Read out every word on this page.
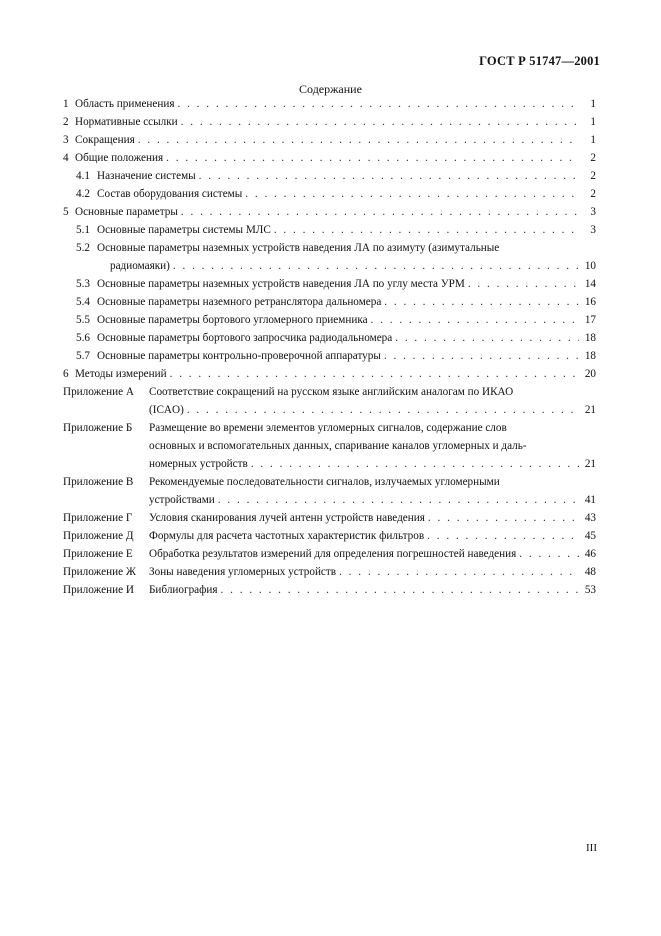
ГОСТ Р 51747—2001
Содержание
1 Область применения . . .	1
2 Нормативные ссылки . . .	1
3 Сокращения . . .	1
4 Общие положения . . .	2
4.1 Назначение системы . . .	2
4.2 Состав оборудования системы . . .	2
5 Основные параметры . . .	3
5.1 Основные параметры системы МЛС . . .	3
5.2 Основные параметры наземных устройств наведения ЛА по азимуту (азимутальные
радиомаяки) . . .	10
5.3 Основные параметры наземных устройств наведения ЛА по углу места УРМ . . .	14
5.4 Основные параметры наземного ретранслятора дальномера . . .	16
5.5 Основные параметры бортового угломерного приемника . . .	17
5.6 Основные параметры бортового запросчика радиодальномера . . .	18
5.7 Основные параметры контрольно-проверочной аппаратуры . . .	18
6 Методы измерений . . .	20
Приложение А	Соответствие сокращений на русском языке английским аналогам по ИКАО
(ICAO) . . .	21
Приложение Б	Размещение во времени элементов угломерных сигналов, содержание слов
основных и вспомогательных данных, спаривание каналов угломерных и даль-
номерных устройств . . .	21
Приложение В	Рекомендуемые последовательности сигналов, излучаемых угломерными
устройствами . . .	41
Приложение Г	Условия сканирования лучей антенн устройств наведения . . .	43
Приложение Д	Формулы для расчета частотных характеристик фильтров . . .	45
Приложение Е	Обработка результатов измерений для определения погрешностей наведения . . .	46
Приложение Ж	Зоны наведения угломерных устройств . . .	48
Приложение И	Библиография . . .	53
III
